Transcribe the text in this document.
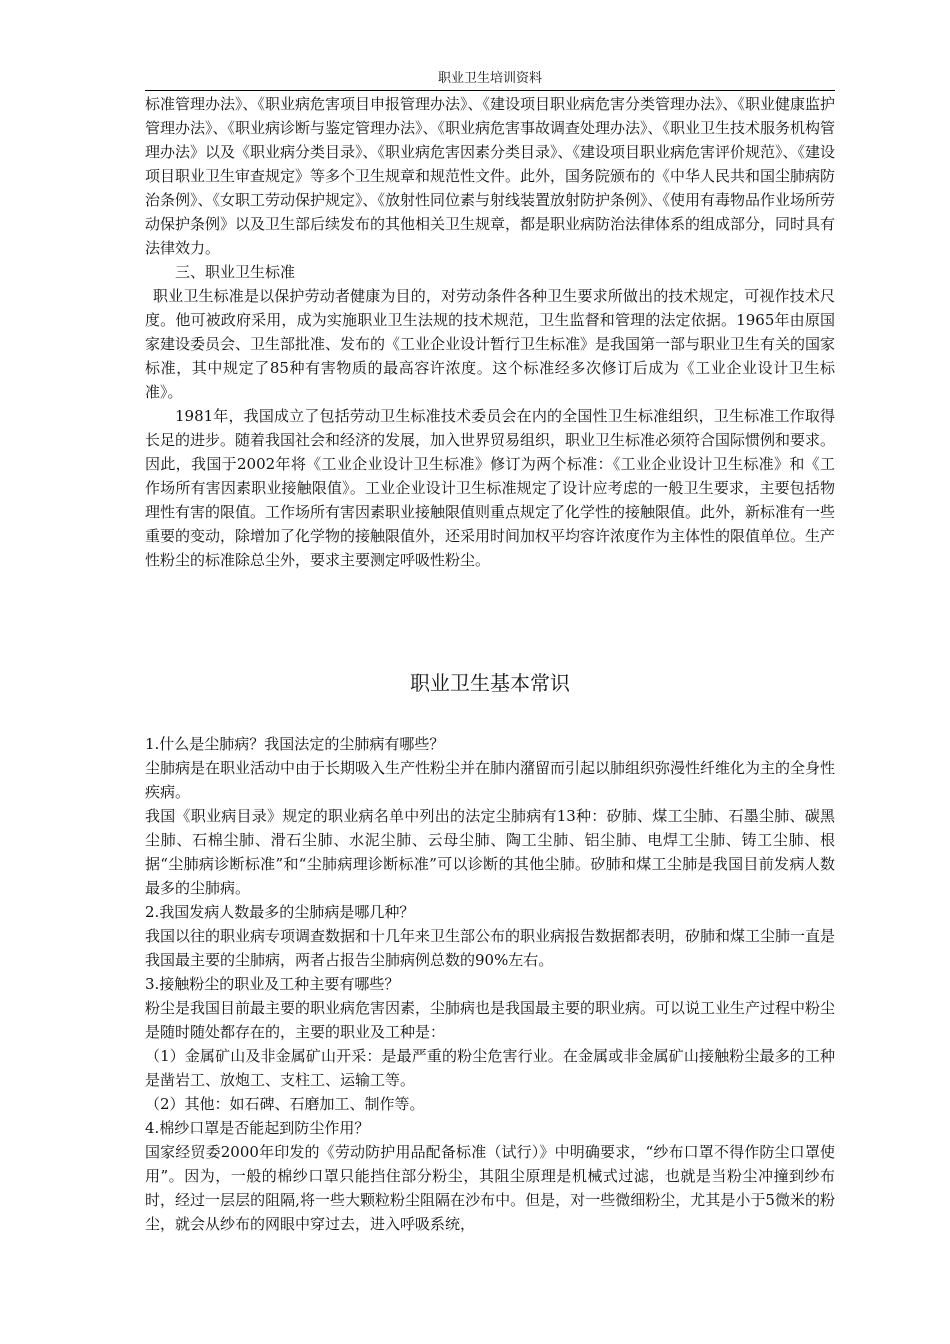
职业卫生培训资料

标准管理办法》、《职业病危害项目申报管理办法》、《建设项目职业病危害分类管理办法》、《职业健康监护管理办法》、《职业病诊断与鉴定管理办法》、《职业病危害事故调查处理办法》、《职业卫生技术服务机构管理办法》以及《职业病分类目录》、《职业病危害因素分类目录》、《建设项目职业病危害评价规范》、《建设项目职业卫生审查规定》等多个卫生规章和规范性文件。此外，国务院颁布的《中华人民共和国尘肺病防治条例》、《女职工劳动保护规定》、《放射性同位素与射线装置放射防护条例》、《使用有毒物品作业场所劳动保护条例》以及卫生部后续发布的其他相关卫生规章，都是职业病防治法律体系的组成部分，同时具有法律效力。

三、职业卫生标准

职业卫生标准是以保护劳动者健康为目的，对劳动条件各种卫生要求所做出的技术规定，可视作技术尺度。他可被政府采用，成为实施职业卫生法规的技术规范，卫生监督和管理的法定依据。1965年由原国家建设委员会、卫生部批准、发布的《工业企业设计暂行卫生标准》是我国第一部与职业卫生有关的国家标准，其中规定了85种有害物质的最高容许浓度。这个标准经多次修订后成为《工业企业设计卫生标准》。

1981年，我国成立了包括劳动卫生标准技术委员会在内的全国性卫生标准组织，卫生标准工作取得长足的进步。随着我国社会和经济的发展，加入世界贸易组织，职业卫生标准必须符合国际惯例和要求。因此，我国于2002年将《工业企业设计卫生标准》修订为两个标准：《工业企业设计卫生标准》和《工作场所有害因素职业接触限值》。工业企业设计卫生标准规定了设计应考虑的一般卫生要求，主要包括物理性有害的限值。工作场所有害因素职业接触限值则重点规定了化学性的接触限值。此外，新标准有一些重要的变动，除增加了化学物的接触限值外，还采用时间加权平均容许浓度作为主体性的限值单位。生产性粉尘的标准除总尘外，要求主要测定呼吸性粉尘。

职业卫生基本常识

1.什么是尘肺病？我国法定的尘肺病有哪些？

尘肺病是在职业活动中由于长期吸入生产性粉尘并在肺内潴留而引起以肺组织弥漫性纤维化为主的全身性疾病。

我国《职业病目录》规定的职业病名单中列出的法定尘肺病有13种：矽肺、煤工尘肺、石墨尘肺、碳黑尘肺、石棉尘肺、滑石尘肺、水泥尘肺、云母尘肺、陶工尘肺、铝尘肺、电焊工尘肺、铸工尘肺、根据“尘肺病诊断标准”和“尘肺病理诊断标准”可以诊断的其他尘肺。矽肺和煤工尘肺是我国目前发病人数最多的尘肺病。

2.我国发病人数最多的尘肺病是哪几种？

我国以往的职业病专项调查数据和十几年来卫生部公布的职业病报告数据都表明，矽肺和煤工尘肺一直是我国最主要的尘肺病，两者占报告尘肺病例总数的90%左右。

3.接触粉尘的职业及工种主要有哪些？

粉尘是我国目前最主要的职业病危害因素，尘肺病也是我国最主要的职业病。可以说工业生产过程中粉尘是随时随处都存在的，主要的职业及工种是：

（1）金属矿山及非金属矿山开采：是最严重的粉尘危害行业。在金属或非金属矿山接触粉尘最多的工种是凿岩工、放炮工、支柱工、运输工等。

（2）其他：如石碑、石磨加工、制作等。

4.棉纱口罩是否能起到防尘作用？

国家经贸委2000年印发的《劳动防护用品配备标准（试行）》中明确要求，“纱布口罩不得作防尘口罩使用”。因为，一般的棉纱口罩只能挡住部分粉尘，其阻尘原理是机械式过滤，也就是当粉尘冲撞到纱布时，经过一层层的阻隔,将一些大颗粒粉尘阻隔在沙布中。但是，对一些微细粉尘，尤其是小于5微米的粉尘，就会从纱布的网眼中穿过去，进入呼吸系统，
